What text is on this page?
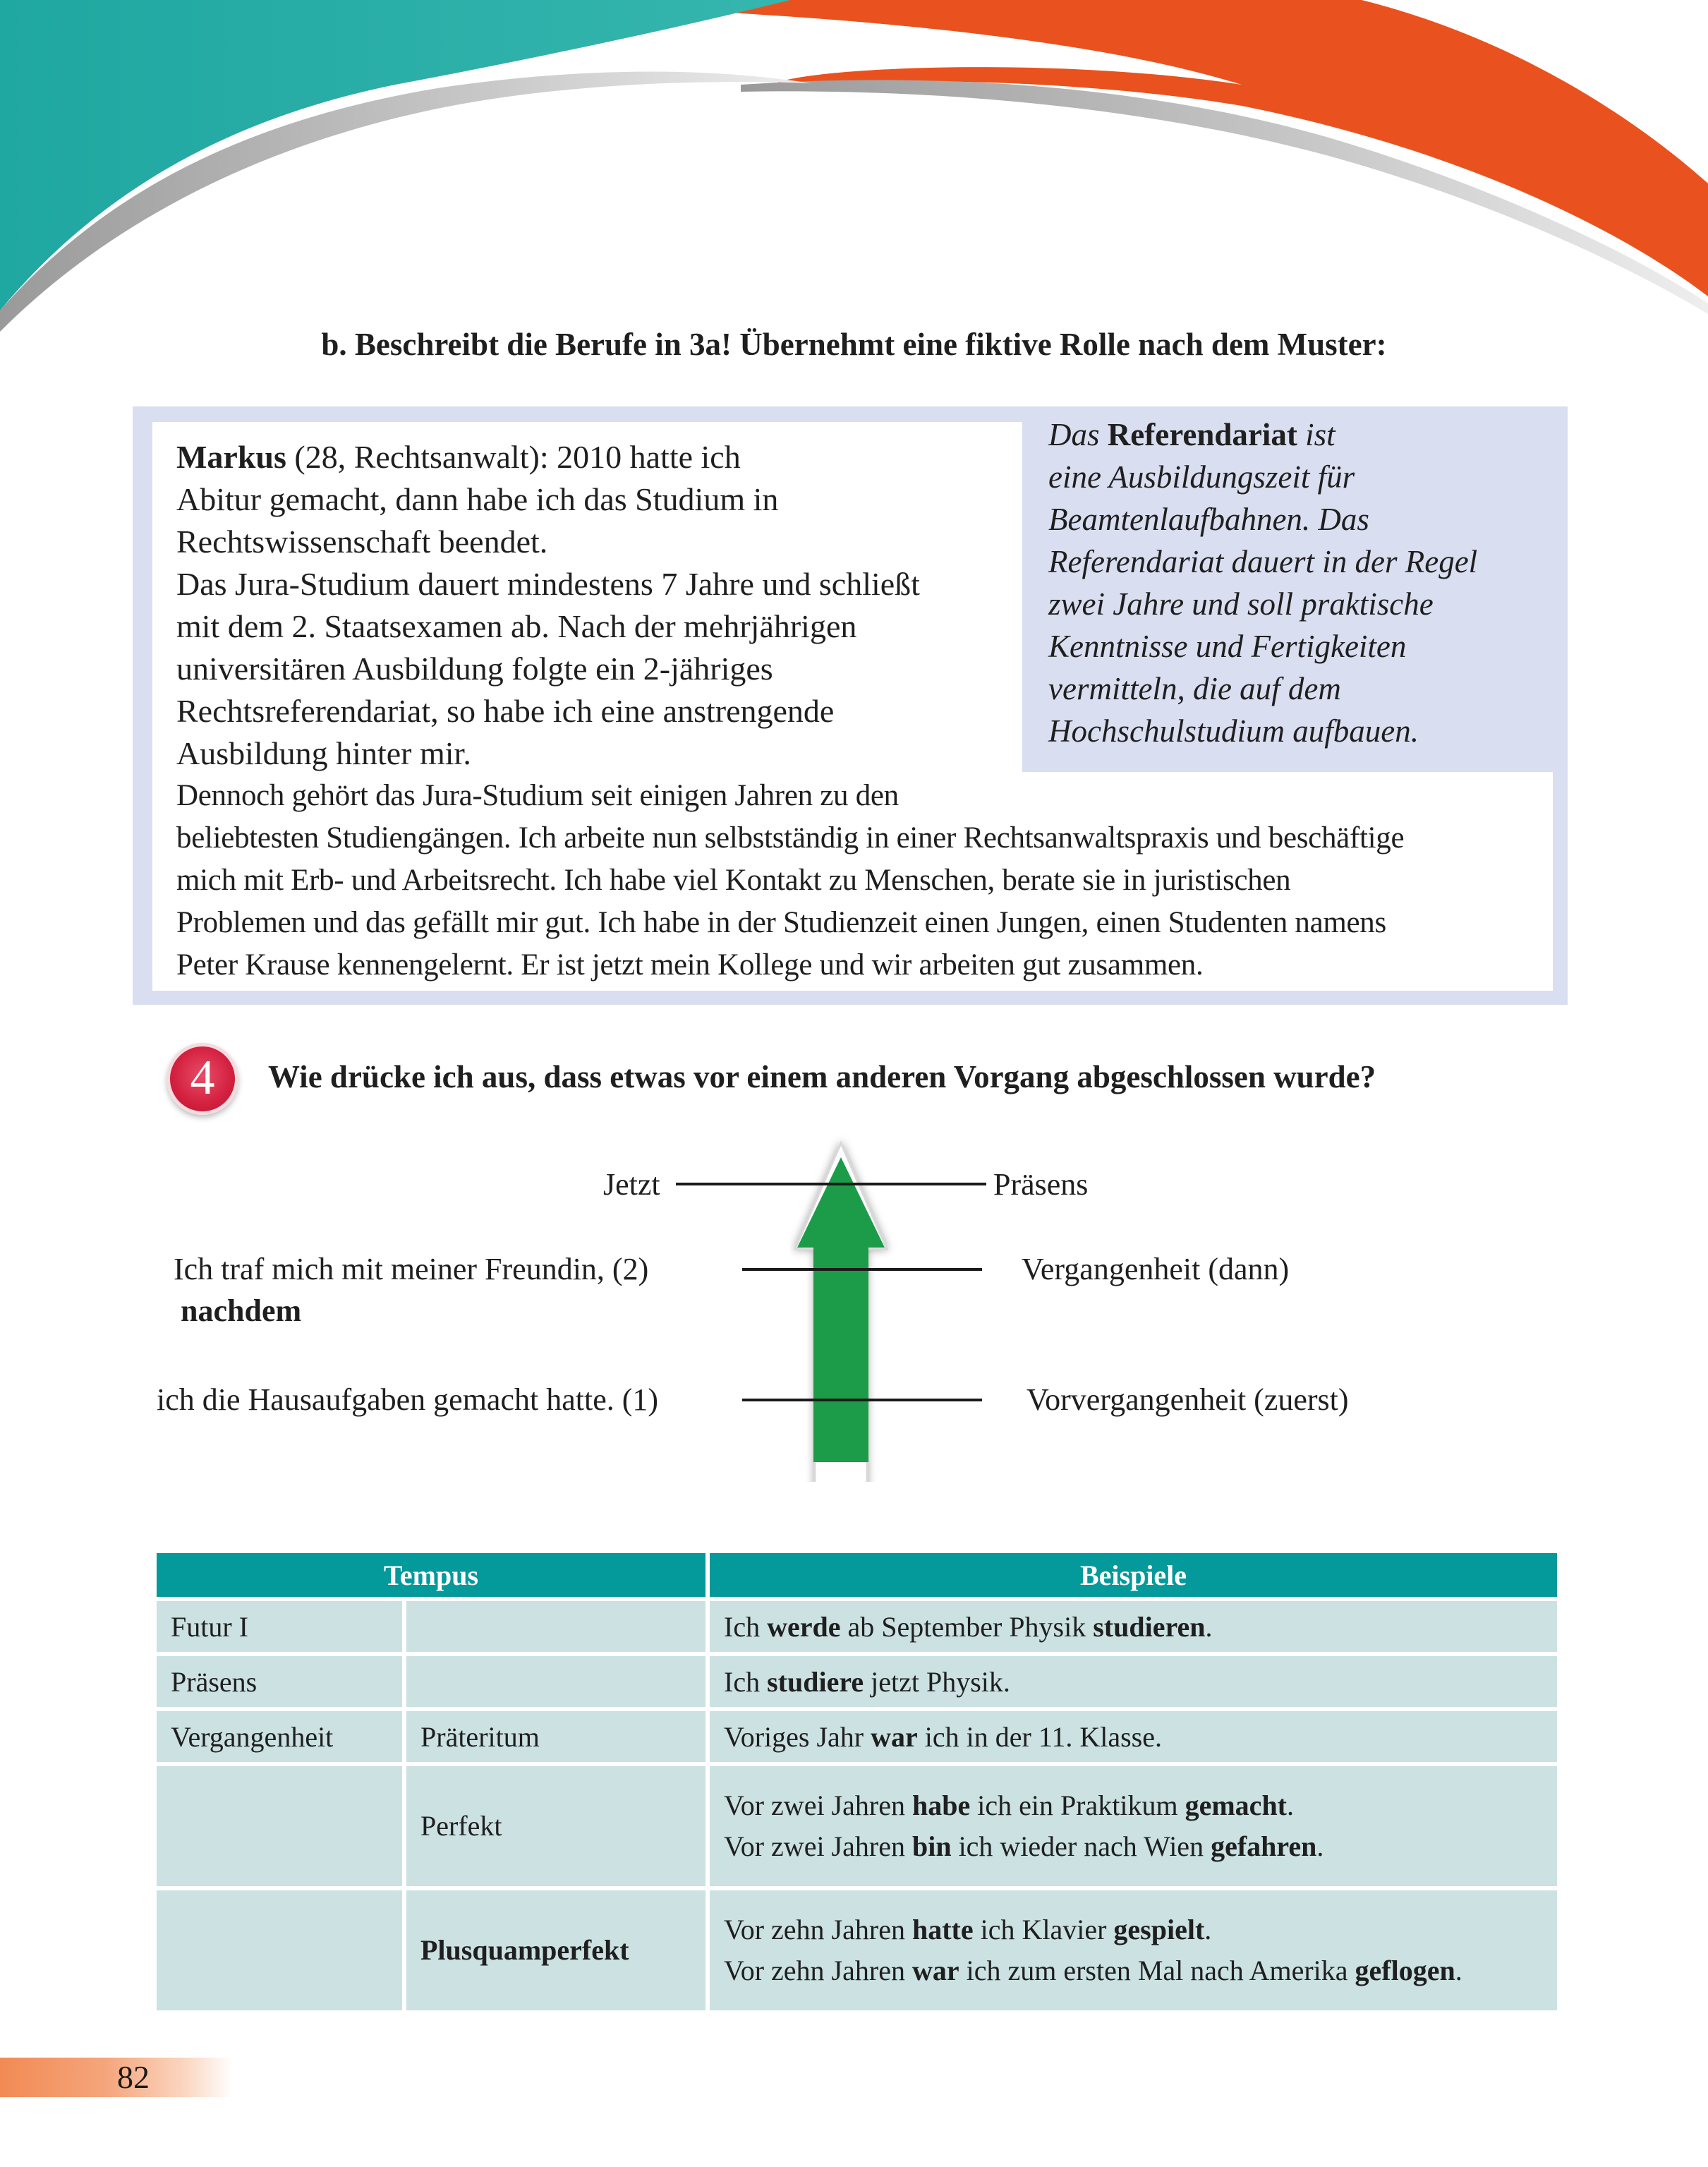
b. Beschreibt die Berufe in 3a! Übernehmt eine fiktive Rolle nach dem Muster:
Markus (28, Rechtsanwalt): 2010 hatte ich
Abitur gemacht, dann habe ich das Studium in
Rechtswissenschaft beendet.
Das Jura-Studium dauert mindestens 7 Jahre und schließt
mit dem 2. Staatsexamen ab. Nach der mehrjährigen
universitären Ausbildung folgte ein 2-jähriges
Rechtsreferendariat, so habe ich eine anstrengende
Ausbildung hinter mir.
Dennoch gehört das Jura-Studium seit einigen Jahren zu den
beliebtesten Studiengängen. Ich arbeite nun selbstständig in einer Rechtsanwaltspraxis und beschäftige
mich mit Erb- und Arbeitsrecht. Ich habe viel Kontakt zu Menschen, berate sie in juristischen
Problemen und das gefällt mir gut. Ich habe in der Studienzeit einen Jungen, einen Studenten namens
Peter Krause kennengelernt. Er ist jetzt mein Kollege und wir arbeiten gut zusammen.
Das Referendariat ist
eine Ausbildungszeit für
Beamtenlaufbahnen. Das
Referendariat dauert in der Regel
zwei Jahre und soll praktische
Kenntnisse und Fertigkeiten
vermitteln, die auf dem
Hochschulstudium aufbauen.
4	Wie drücke ich aus, dass etwas vor einem anderen Vorgang abgeschlossen wurde?
Jetzt	Präsens
Ich traf mich mit meiner Freundin, (2)
nachdem
Vergangenheit (dann)
ich die Hausaufgaben gemacht hatte. (1)	Vorvergangenheit (zuerst)
Tempus		Beispiele
Futur I		Ich werde ab September Physik studieren.

Präsens		Ich studiere jetzt Physik.

Vergangenheit	Präteritum	Voriges Jahr war ich in der 11. Klasse.

	Perfekt	Vor zwei Jahren habe ich ein Praktikum gemacht.
Vor zwei Jahren bin ich wieder nach Wien gefahren.

	Plusquamperfekt	Vor zehn Jahren hatte ich Klavier gespielt.
Vor zehn Jahren war ich zum ersten Mal nach Amerika geflogen.
82
